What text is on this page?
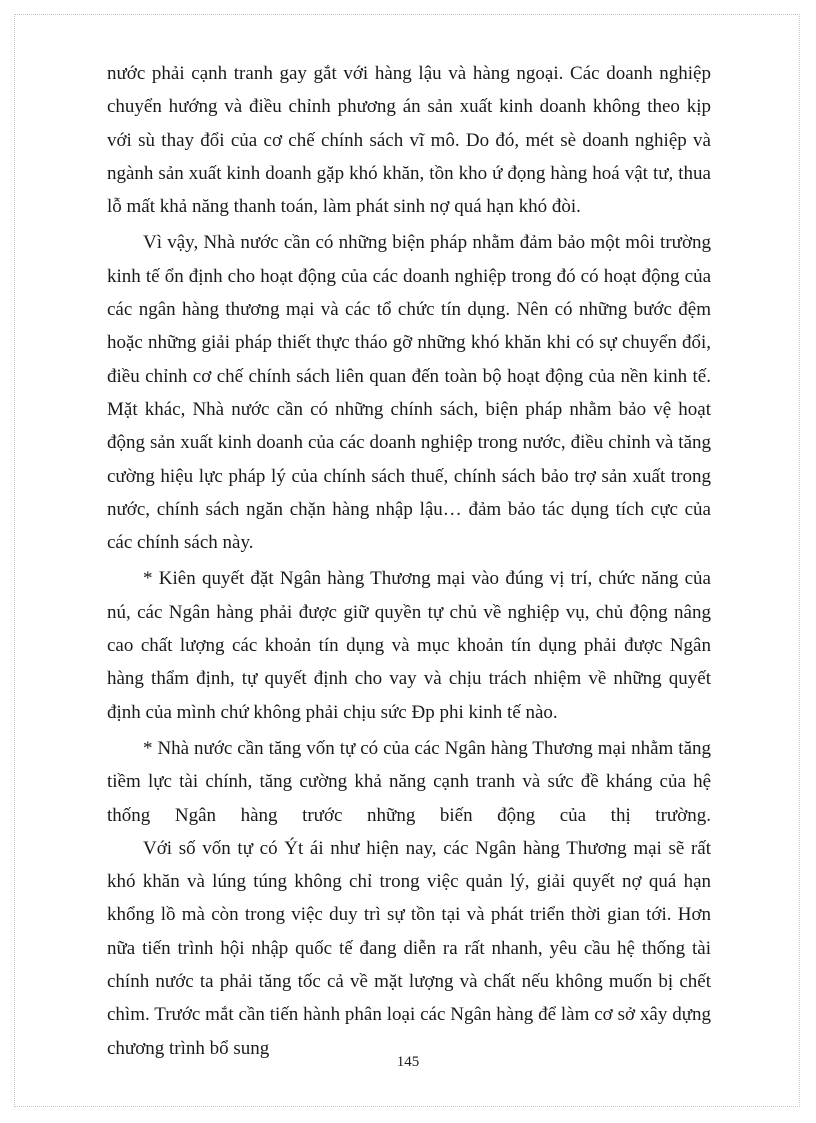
nước phải cạnh tranh gay gắt với hàng lậu và hàng ngoại. Các doanh nghiệp chuyển hướng và điều chỉnh phương án sản xuất kinh doanh không theo kịp với sù thay đổi của cơ chế chính sách vĩ mô. Do đó, mét sè doanh nghiệp và ngành sản xuất kinh doanh gặp khó khăn, tồn kho ứ đọng hàng hoá vật tư, thua lỗ mất khả năng thanh toán, làm phát sinh nợ quá hạn khó đòi.

Vì vậy, Nhà nước cần có những biện pháp nhằm đảm bảo một môi trường kinh tế ổn định cho hoạt động của các doanh nghiệp trong đó có hoạt động của các ngân hàng thương mại và các tổ chức tín dụng. Nên có những bước đệm hoặc những giải pháp thiết thực tháo gỡ những khó khăn khi có sự chuyển đổi, điều chỉnh cơ chế chính sách liên quan đến toàn bộ hoạt động của nền kinh tế. Mặt khác, Nhà nước cần có những chính sách, biện pháp nhằm bảo vệ hoạt động sản xuất kinh doanh của các doanh nghiệp trong nước, điều chỉnh và tăng cường hiệu lực pháp lý của chính sách thuế, chính sách bảo trợ sản xuất trong nước, chính sách ngăn chặn hàng nhập lậu… đảm bảo tác dụng tích cực của các chính sách này.

* Kiên quyết đặt Ngân hàng Thương mại vào đúng vị trí, chức năng của nú, các Ngân hàng phải được giữ quyền tự chủ về nghiệp vụ, chủ động nâng cao chất lượng các khoản tín dụng và mục khoản tín dụng phải được Ngân hàng thẩm định, tự quyết định cho vay và chịu trách nhiệm về những quyết định của mình chứ không phải chịu sức Ðp phi kinh tế nào.

* Nhà nước cần tăng vốn tự có của các Ngân hàng Thương mại nhằm tăng tiềm lực tài chính, tăng cường khả năng cạnh tranh và sức đề kháng của hệ thống Ngân hàng trước những biến động của thị trường.

Với số vốn tự có Ýt ái như hiện nay, các Ngân hàng Thương mại sẽ rất khó khăn và lúng túng không chỉ trong việc quản lý, giải quyết nợ quá hạn khổng lồ mà còn trong việc duy trì sự tồn tại và phát triển thời gian tới. Hơn nữa tiến trình hội nhập quốc tế đang diễn ra rất nhanh, yêu cầu hệ thống tài chính nước ta phải tăng tốc cả về mặt lượng và chất nếu không muốn bị chết chìm. Trước mắt cần tiến hành phân loại các Ngân hàng để làm cơ sở xây dựng chương trình bổ sung

145
